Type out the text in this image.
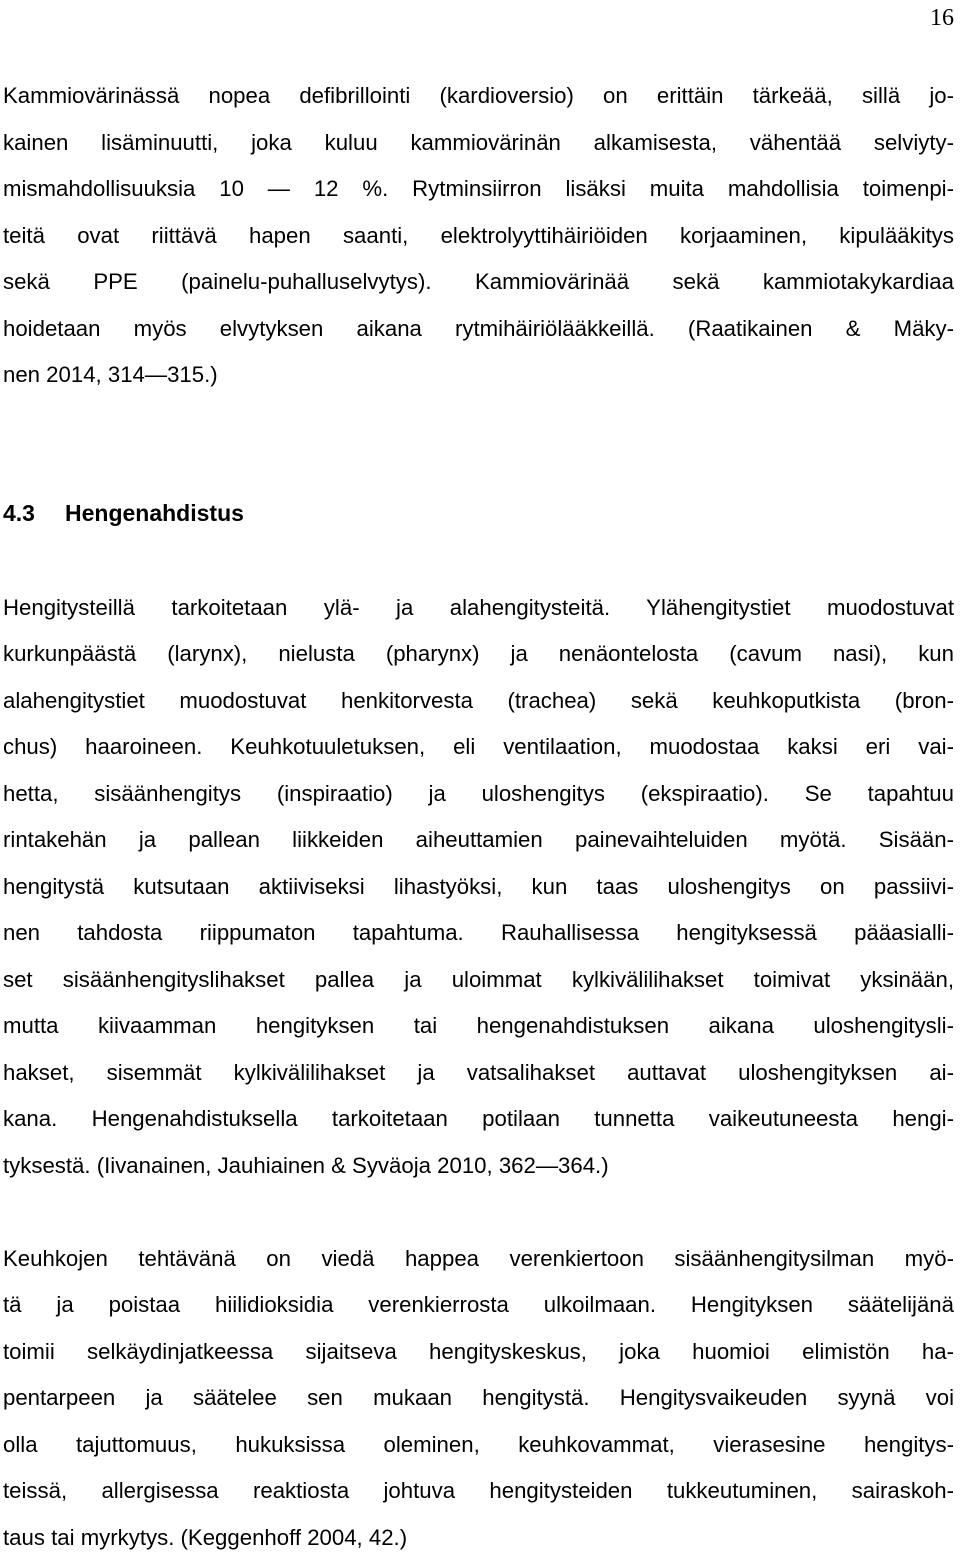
16
Kammiovärinässä nopea defibrillointi (kardioversio) on erittäin tärkeää, sillä jo-
kainen lisäminuutti, joka kuluu kammiovärinän alkamisesta, vähentää selviyty-
mismahdollisuuksia 10 — 12 %. Rytminsiirron lisäksi muita mahdollisia toimenpi-
teitä ovat riittävä hapen saanti, elektrolyyttihäiriöiden korjaaminen, kipulääkitys
sekä PPE (painelu-puhalluselvytys). Kammiovärinää sekä kammiotakykardiaa
hoidetaan myös elvytyksen aikana rytmihäiriölääkkeillä. (Raatikainen & Mäky-
nen 2014, 314—315.)
4.3 Hengenahdistus
Hengitysteillä tarkoitetaan ylä- ja alahengitysteitä. Ylähengitystiet muodostuvat
kurkunpäästä (larynx), nielusta (pharynx) ja nenäontelosta (cavum nasi), kun
alahengitystiet muodostuvat henkitorvesta (trachea) sekä keuhkoputkista (bron-
chus) haaroineen. Keuhkotuuletuksen, eli ventilaation, muodostaa kaksi eri vai-
hetta, sisäänhengitys (inspiraatio) ja uloshengitys (ekspiraatio). Se tapahtuu
rintakehän ja pallean liikkeiden aiheuttamien painevaihteluiden myötä. Sisään-
hengitystä kutsutaan aktiiviseksi lihastyöksi, kun taas uloshengitys on passiivi-
nen tahdosta riippumaton tapahtuma. Rauhallisessa hengityksessä pääasialli-
set sisäänhengityslihakset pallea ja uloimmat kylkivälilihakset toimivat yksinään,
mutta kiivaamman hengityksen tai hengenahdistuksen aikana uloshengitysli-
hakset, sisemmät kylkivälilihakset ja vatsalihakset auttavat uloshengityksen ai-
kana. Hengenahdistuksella tarkoitetaan potilaan tunnetta vaikeutuneesta hengi-
tyksestä. (Iivanainen, Jauhiainen & Syväoja 2010, 362—364.)
Keuhkojen tehtävänä on viedä happea verenkiertoon sisäänhengitysilman myö-
tä ja poistaa hiilidioksidia verenkierrosta ulkoilmaan. Hengityksen säätelijänä
toimii selkäydinjatkeessa sijaitseva hengityskeskus, joka huomioi elimistön ha-
pentarpeen ja säätelee sen mukaan hengitystä. Hengitysvaikeuden syynä voi
olla tajuttomuus, hukuksissa oleminen, keuhkovammat, vierasesine hengitys-
teissä, allergisessa reaktiosta johtuva hengitysteiden tukkeutuminen, sairaskoh-
taus tai myrkytys. (Keggenhoff 2004, 42.)
